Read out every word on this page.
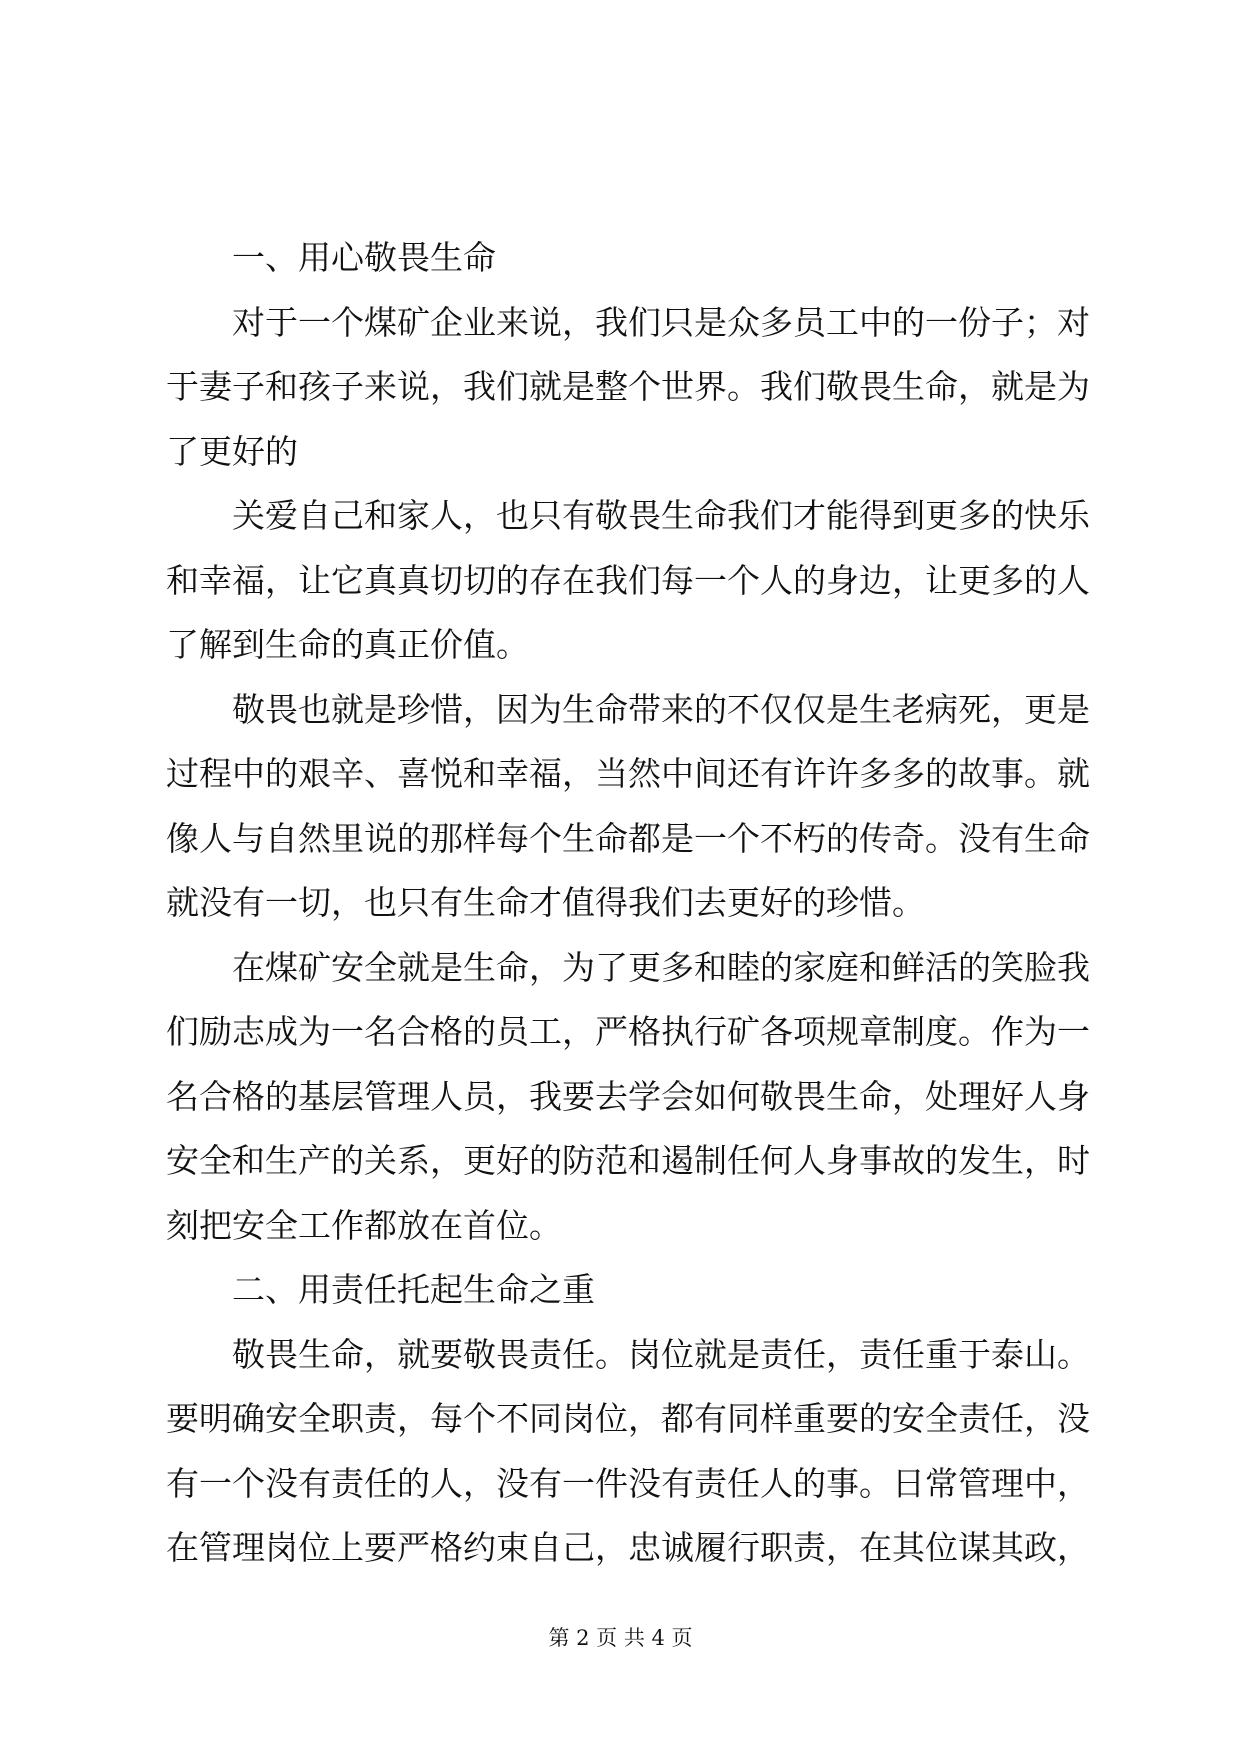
一、用心敬畏生命
对于一个煤矿企业来说，我们只是众多员工中的一份子；对
于妻子和孩子来说，我们就是整个世界。我们敬畏生命，就是为
了更好的
关爱自己和家人，也只有敬畏生命我们才能得到更多的快乐
和幸福，让它真真切切的存在我们每一个人的身边，让更多的人
了解到生命的真正价值。
敬畏也就是珍惜，因为生命带来的不仅仅是生老病死，更是
过程中的艰辛、喜悦和幸福，当然中间还有许许多多的故事。就
像人与自然里说的那样每个生命都是一个不朽的传奇。没有生命
就没有一切，也只有生命才值得我们去更好的珍惜。
在煤矿安全就是生命，为了更多和睦的家庭和鲜活的笑脸我
们励志成为一名合格的员工，严格执行矿各项规章制度。作为一
名合格的基层管理人员，我要去学会如何敬畏生命，处理好人身
安全和生产的关系，更好的防范和遏制任何人身事故的发生，时
刻把安全工作都放在首位。
二、用责任托起生命之重
敬畏生命，就要敬畏责任。岗位就是责任，责任重于泰山。
要明确安全职责，每个不同岗位，都有同样重要的安全责任，没
有一个没有责任的人，没有一件没有责任人的事。日常管理中，
在管理岗位上要严格约束自己，忠诚履行职责，在其位谋其政，
第 2 页 共 4 页
